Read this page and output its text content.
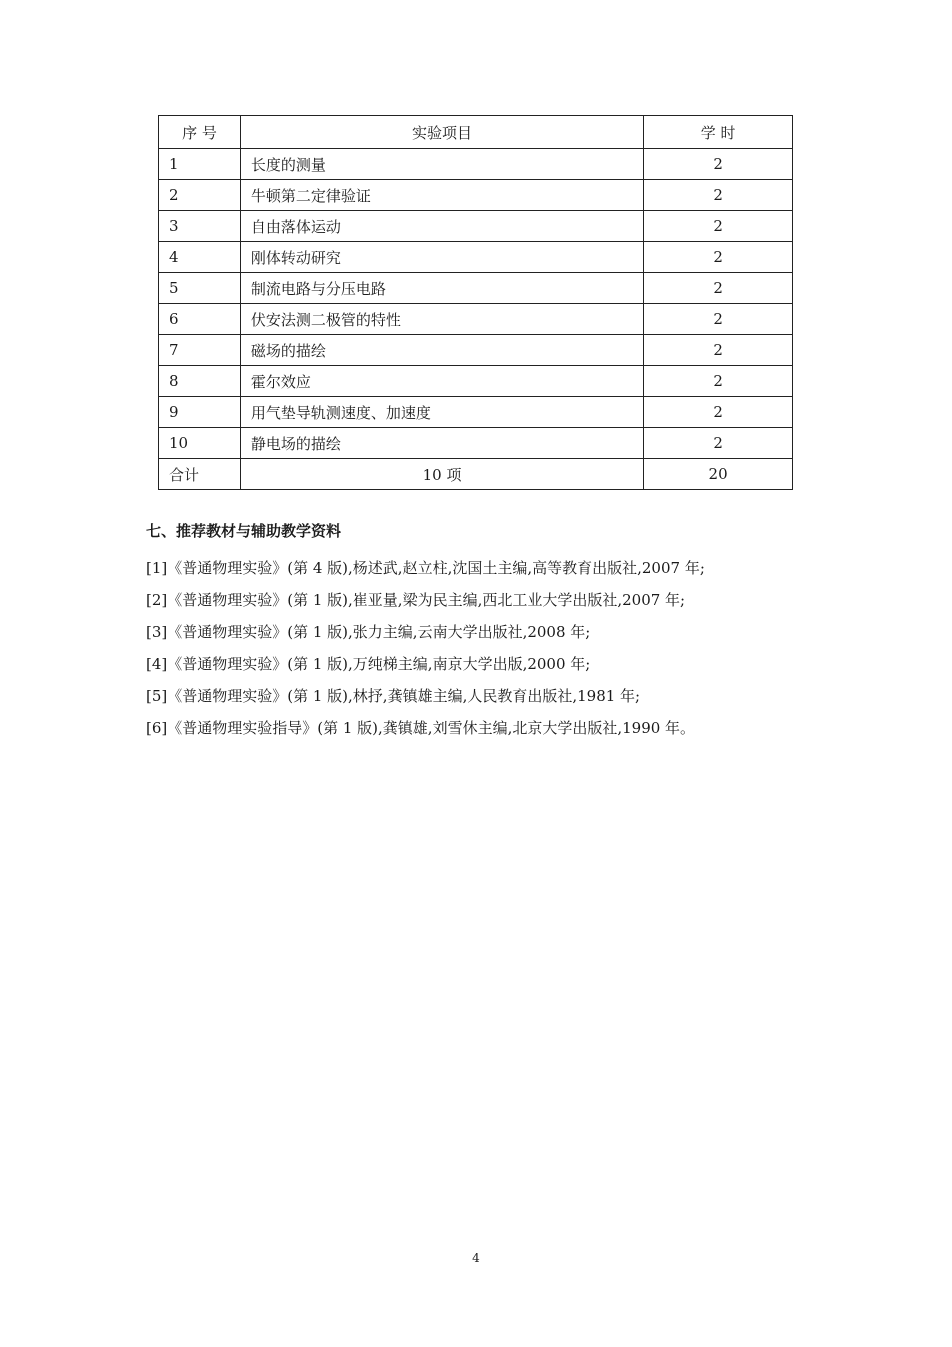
序 号	实验项目	学 时
1	长度的测量	2
2	牛顿第二定律验证	2
3	自由落体运动	2
4	刚体转动研究	2
5	制流电路与分压电路	2
6	伏安法测二极管的特性	2
7	磁场的描绘	2
8	霍尔效应	2
9	用气垫导轨测速度、加速度	2
10	静电场的描绘	2
合计	10 项	20
七、推荐教材与辅助教学资料
[1]《普通物理实验》(第 4 版),杨述武,赵立柱,沈国土主编,高等教育出版社,2007 年;
[2]《普通物理实验》(第 1 版),崔亚量,梁为民主编,西北工业大学出版社,2007 年;
[3]《普通物理实验》(第 1 版),张力主编,云南大学出版社,2008 年;
[4]《普通物理实验》(第 1 版),万纯梯主编,南京大学出版,2000 年;
[5]《普通物理实验》(第 1 版),林抒,龚镇雄主编,人民教育出版社,1981 年;
[6]《普通物理实验指导》(第 1 版),龚镇雄,刘雪休主编,北京大学出版社,1990 年。
4
